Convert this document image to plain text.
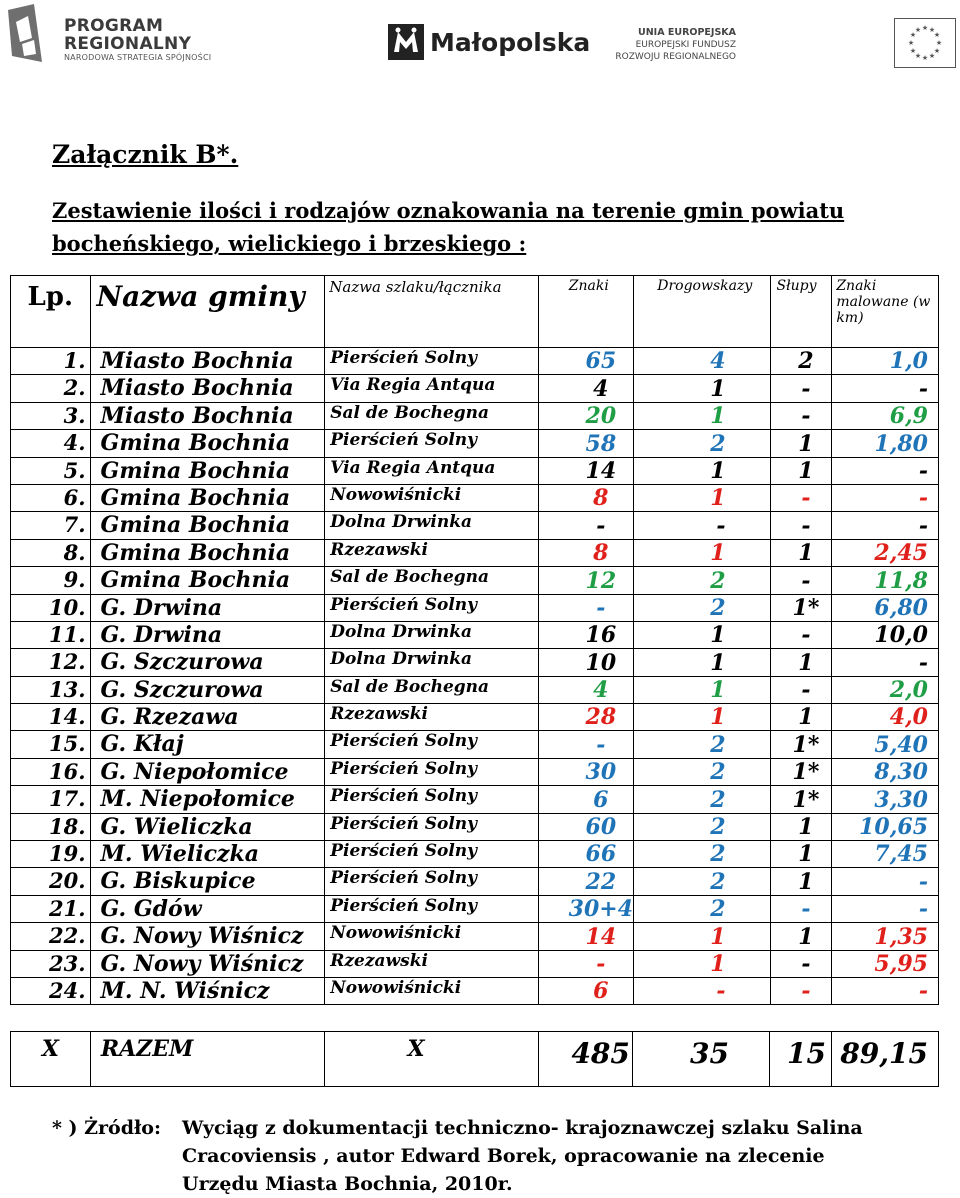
PROGRAM
REGIONALNY
NARODOWA STRATEGIA SPÓJNOŚCI
Małopolska	UNIA EUROPEJSKA
EUROPEJSKI FUNDUSZ
ROZWOJU REGIONALNEGO
★ ★
★
★
★
★
★
★
★
★
★
★
Załącznik B*.
Zestawienie ilości i rodzajów oznakowania na terenie gmin powiatu bocheńskiego, wielickiego i brzeskiego :
Lp.	Nazwa gminy	Nazwa szlaku/łącznika	Znaki	Drogowskazy	Słupy	Znaki malowane (w km)
1.	Miasto Bochnia	Pierścień Solny	65	4	2	1,0
2.	Miasto Bochnia	Via Regia Antqua	4	1	-	-
3.	Miasto Bochnia	Sal de Bochegna	20	1	-	6,9
4.	Gmina Bochnia	Pierścień Solny	58	2	1	1,80
5.	Gmina Bochnia	Via Regia Antqua	14	1	1	-
6.	Gmina Bochnia	Nowowiśnicki	8	1	-	-
7.	Gmina Bochnia	Dolna Drwinka	-	-	-	-
8.	Gmina Bochnia	Rzezawski	8	1	1	2,45
9.	Gmina Bochnia	Sal de Bochegna	12	2	-	11,8
10.	G. Drwina	Pierścień Solny	-	2	1*	6,80
11.	G. Drwina	Dolna Drwinka	16	1	-	10,0
12.	G. Szczurowa	Dolna Drwinka	10	1	1	-
13.	G. Szczurowa	Sal de Bochegna	4	1	-	2,0
14.	G. Rzezawa	Rzezawski	28	1	1	4,0
15.	G. Kłaj	Pierścień Solny	-	2	1*	5,40
16.	G. Niepołomice	Pierścień Solny	30	2	1*	8,30
17.	M. Niepołomice	Pierścień Solny	6	2	1*	3,30
18.	G. Wieliczka	Pierścień Solny	60	2	1	10,65
19.	M. Wieliczka	Pierścień Solny	66	2	1	7,45
20.	G. Biskupice	Pierścień Solny	22	2	1	-
21.	G. Gdów	Pierścień Solny	30+4	2	-	-
22.	G. Nowy Wiśnicz	Nowowiśnicki	14	1	1	1,35
23.	G. Nowy Wiśnicz	Rzezawski	-	1	-	5,95
24.	M. N. Wiśnicz	Nowowiśnicki	6	-	-	-
X	RAZEM	X	485	35	15	89,15
* ) Żródło: Wyciąg z dokumentacji techniczno- krajoznawczej szlaku Salina Cracoviensis , autor Edward Borek, opracowanie na zlecenie Urzędu Miasta Bochnia, 2010r.
